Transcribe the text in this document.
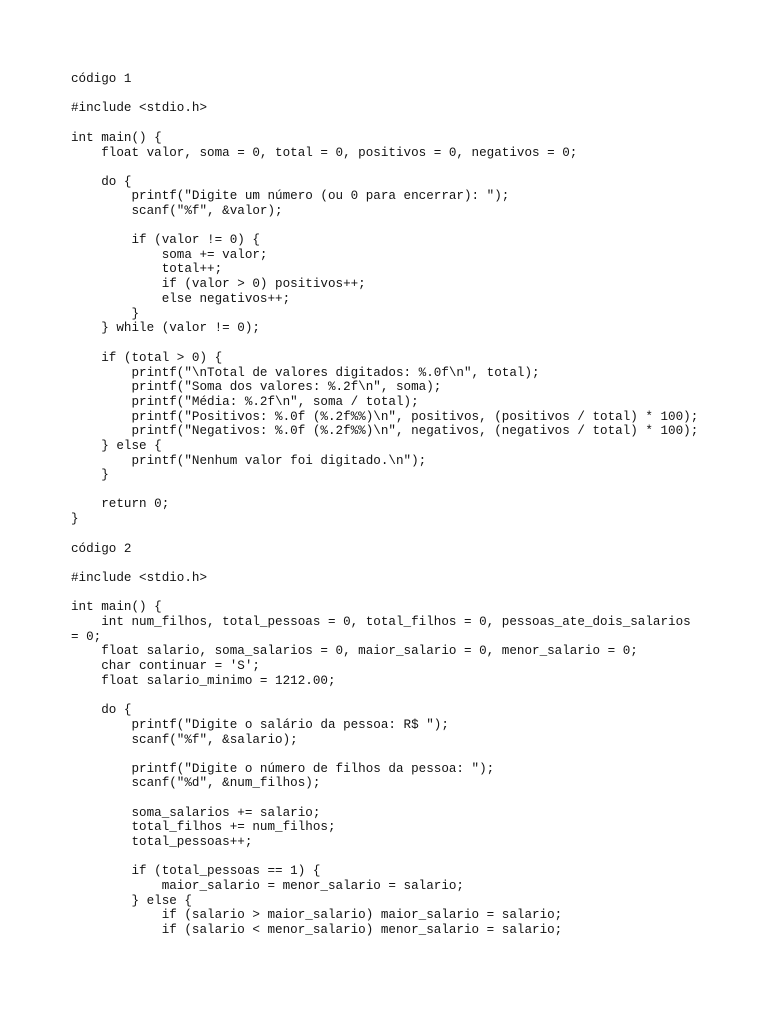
código 1
#include <stdio.h>
int main() {
float valor, soma = 0, total = 0, positivos = 0, negativos = 0;
do {
printf("Digite um número (ou 0 para encerrar): ");
scanf("%f", &valor);
if (valor != 0) {
soma += valor;
total++;
if (valor > 0) positivos++;
else negativos++;
}
} while (valor != 0);
if (total > 0) {
printf("\nTotal de valores digitados: %.0f\n", total);
printf("Soma dos valores: %.2f\n", soma);
printf("Média: %.2f\n", soma / total);
printf("Positivos: %.0f (%.2f%%)\n", positivos, (positivos / total) * 100);
printf("Negativos: %.0f (%.2f%%)\n", negativos, (negativos / total) * 100);
} else {
printf("Nenhum valor foi digitado.\n");
}
return 0;
}
código 2
#include <stdio.h>
int main() {
int num_filhos, total_pessoas = 0, total_filhos = 0, pessoas_ate_dois_salarios
= 0;
float salario, soma_salarios = 0, maior_salario = 0, menor_salario = 0;
char continuar = 'S';
float salario_minimo = 1212.00;
do {
printf("Digite o salário da pessoa: R$ ");
scanf("%f", &salario);
printf("Digite o número de filhos da pessoa: ");
scanf("%d", &num_filhos);
soma_salarios += salario;
total_filhos += num_filhos;
total_pessoas++;
if (total_pessoas == 1) {
maior_salario = menor_salario = salario;
} else {
if (salario > maior_salario) maior_salario = salario;
if (salario < menor_salario) menor_salario = salario;
